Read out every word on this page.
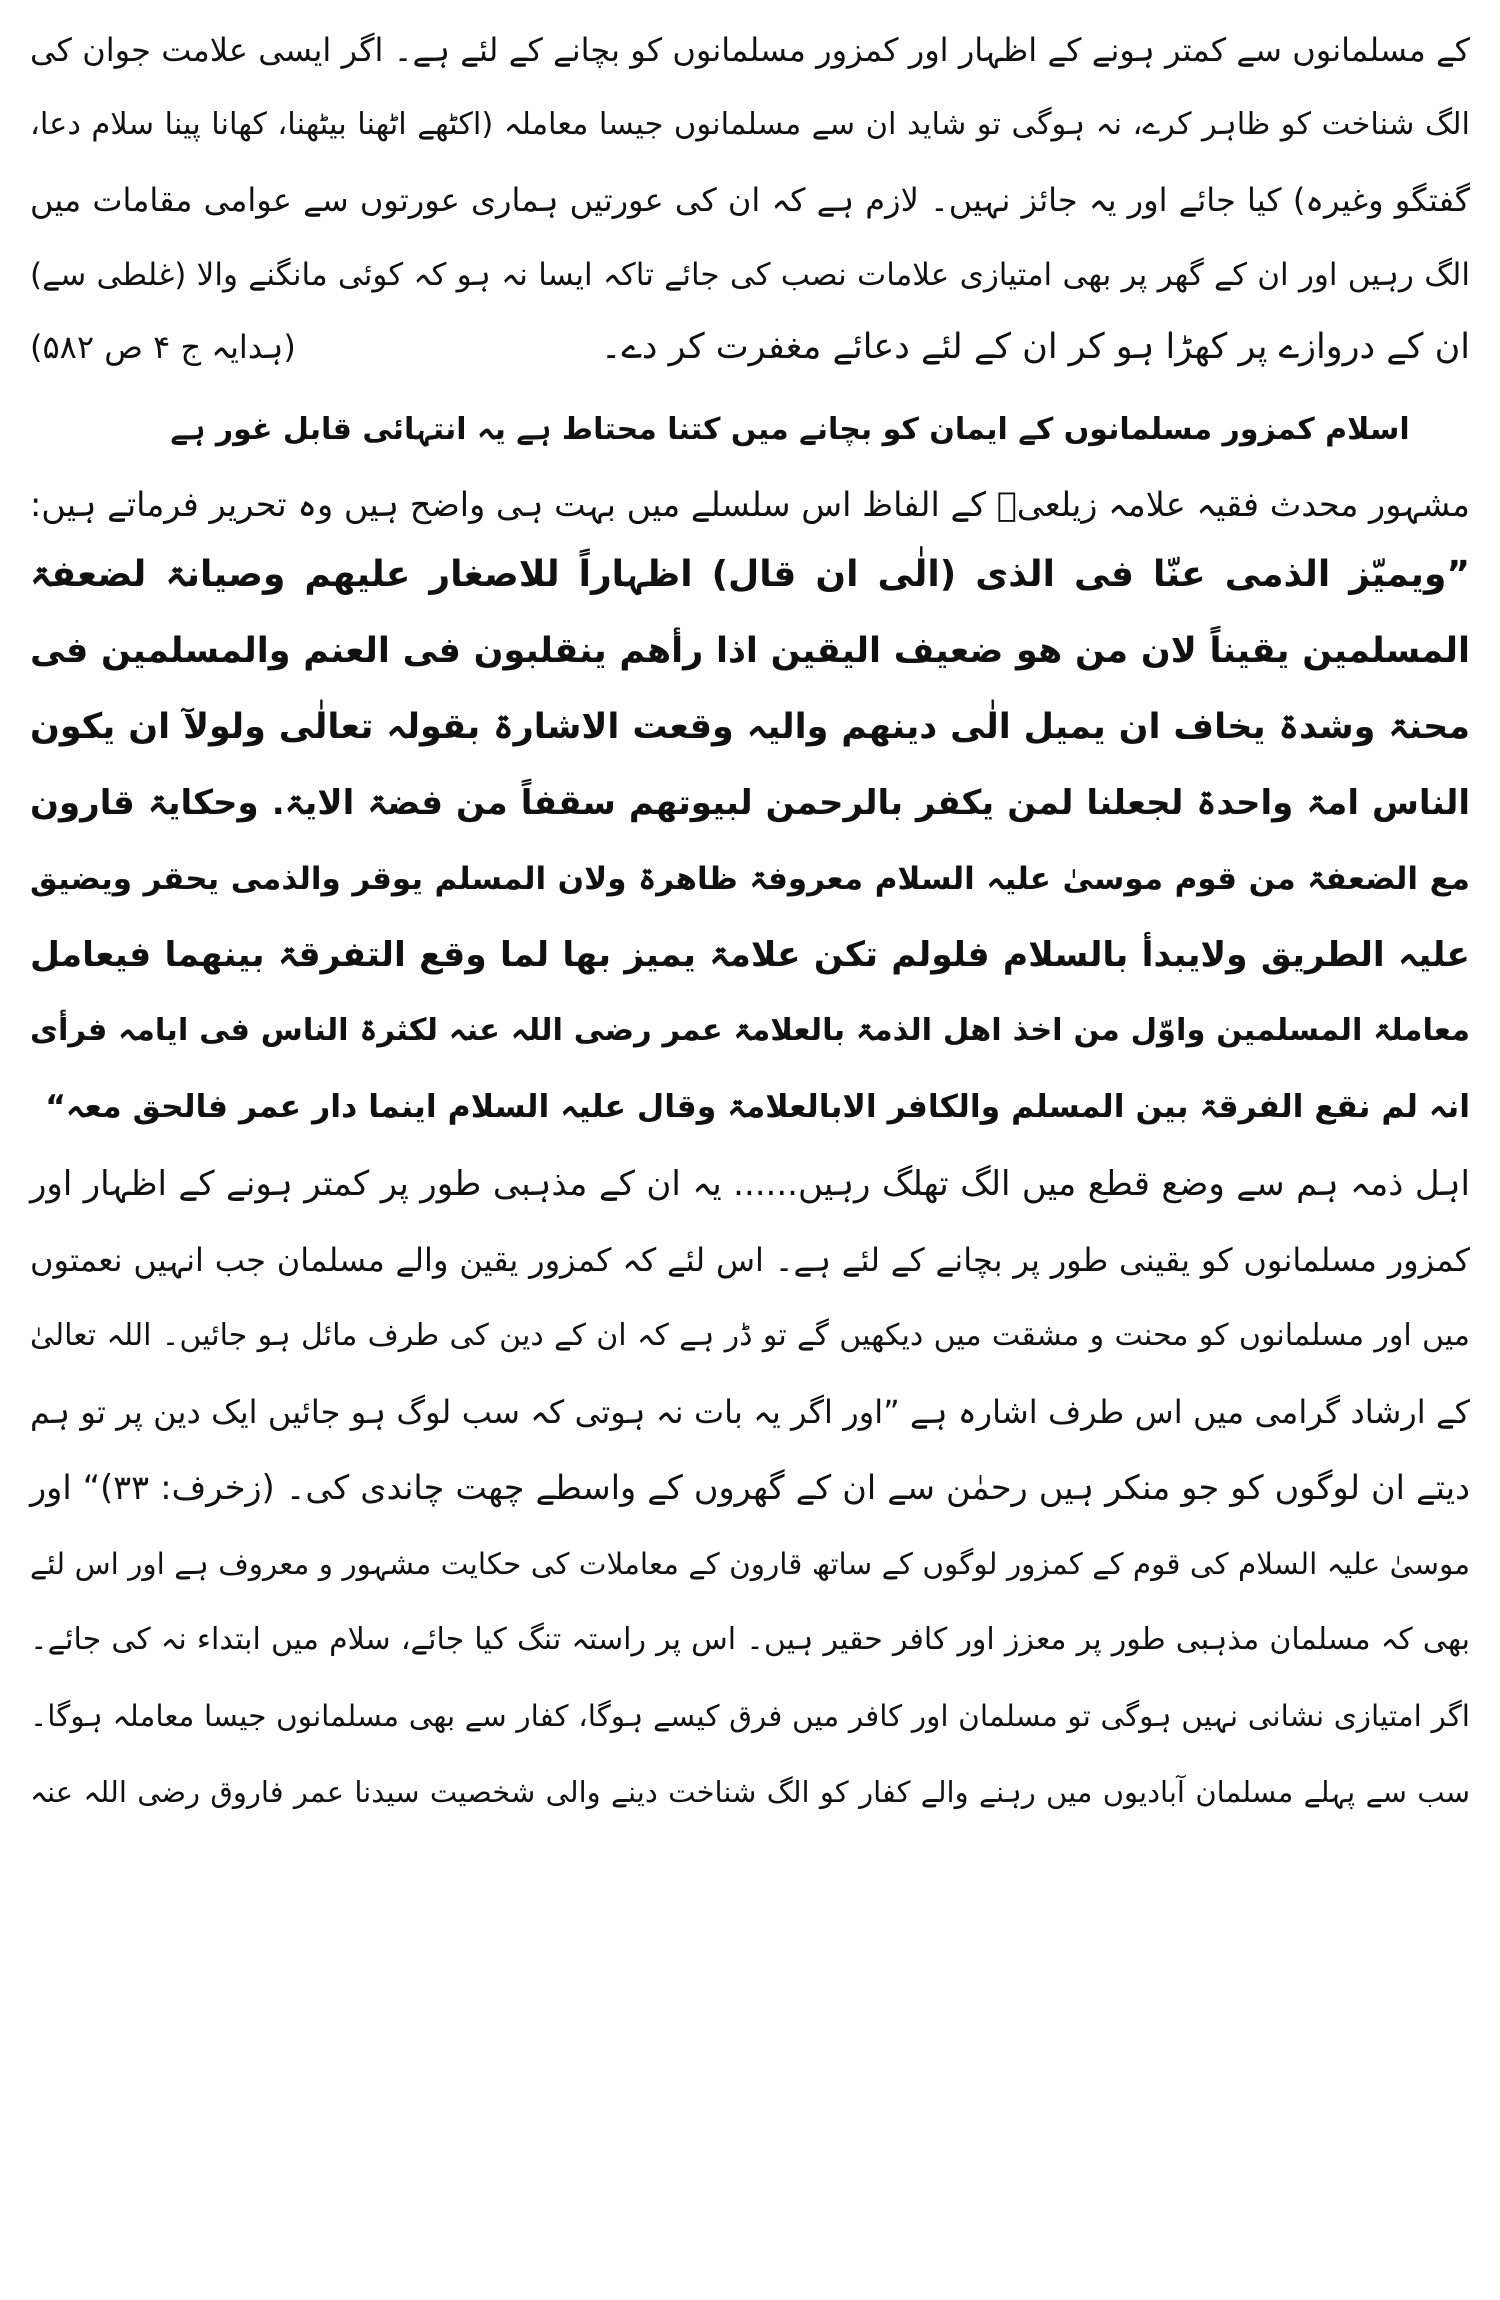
کے مسلمانوں سے کمتر ہونے کے اظہار اور کمزور مسلمانوں کو بچانے کے لئے ہے۔ اگر ایسی علامت جوان کی
الگ شناخت کو ظاہر کرے، نہ ہوگی تو شاید ان سے مسلمانوں جیسا معاملہ (اکٹھے اٹھنا بیٹھنا، کھانا پینا سلام دعا،
گفتگو وغیرہ) کیا جائے اور یہ جائز نہیں۔ لازم ہے کہ ان کی عورتیں ہماری عورتوں سے عوامی مقامات میں
الگ رہیں اور ان کے گھر پر بھی امتیازی علامات نصب کی جائے تاکہ ایسا نہ ہو کہ کوئی مانگنے والا (غلطی سے)
ان کے دروازے پر کھڑا ہو کر ان کے لئے دعائے مغفرت کر دے۔
(ہدایہ ج ۴ ص ۵۸۲)
اسلام کمزور مسلمانوں کے ایمان کو بچانے میں کتنا محتاط ہے یہ انتہائی قابل غور ہے
مشہور محدث فقیہ علامہ زیلعیؒ کے الفاظ اس سلسلے میں بہت ہی واضح ہیں وہ تحریر فرماتے ہیں:
”ویمیّز الذمی عنّا فی الذی (الٰی ان قال) اظہاراً للاصغار علیھم وصیانۃ لضعفۃ
المسلمین یقیناً لان من ھو ضعیف الیقین اذا رأھم ینقلبون فی العنم والمسلمین فی
محنۃ وشدۃ یخاف ان یمیل الٰی دینھم والیہ وقعت الاشارۃ بقولہ تعالٰی ولولآ ان یکون
الناس امۃ واحدۃ لجعلنا لمن یکفر بالرحمن لبیوتھم سقفاً من فضۃ الایۃ. وحکایۃ قارون
مع الضعفۃ من قوم موسیٰ علیہ السلام معروفۃ ظاھرۃ ولان المسلم یوقر والذمی یحقر ویضیق
علیہ الطریق ولایبدأ بالسلام فلولم تکن علامۃ یمیز بھا لما وقع التفرقۃ بینھما فیعامل
معاملۃ المسلمین واوّل من اخذ اھل الذمۃ بالعلامۃ عمر رضی اللہ عنہ لکثرۃ الناس فی ایامہ فرأی
انہ لم نقع الفرقۃ بین المسلم والکافر الابالعلامۃ وقال علیہ السلام اینما دار عمر فالحق معہ“
اہل ذمہ ہم سے وضع قطع میں الگ تھلگ رہیں...... یہ ان کے مذہبی طور پر کمتر ہونے کے اظہار اور
کمزور مسلمانوں کو یقینی طور پر بچانے کے لئے ہے۔ اس لئے کہ کمزور یقین والے مسلمان جب انہیں نعمتوں
میں اور مسلمانوں کو محنت و مشقت میں دیکھیں گے تو ڈر ہے کہ ان کے دین کی طرف مائل ہو جائیں۔ اللہ تعالیٰ
کے ارشاد گرامی میں اس طرف اشارہ ہے ”اور اگر یہ بات نہ ہوتی کہ سب لوگ ہو جائیں ایک دین پر تو ہم
دیتے ان لوگوں کو جو منکر ہیں رحمٰن سے ان کے گھروں کے واسطے چھت چاندی کی۔ (زخرف: ۳۳)“ اور
موسیٰ علیہ السلام کی قوم کے کمزور لوگوں کے ساتھ قارون کے معاملات کی حکایت مشہور و معروف ہے اور اس لئے
بھی کہ مسلمان مذہبی طور پر معزز اور کافر حقیر ہیں۔ اس پر راستہ تنگ کیا جائے، سلام میں ابتداء نہ کی جائے۔
اگر امتیازی نشانی نہیں ہوگی تو مسلمان اور کافر میں فرق کیسے ہوگا، کفار سے بھی مسلمانوں جیسا معاملہ ہوگا۔
سب سے پہلے مسلمان آبادیوں میں رہنے والے کفار کو الگ شناخت دینے والی شخصیت سیدنا عمر فاروق رضی اللہ عنہ
